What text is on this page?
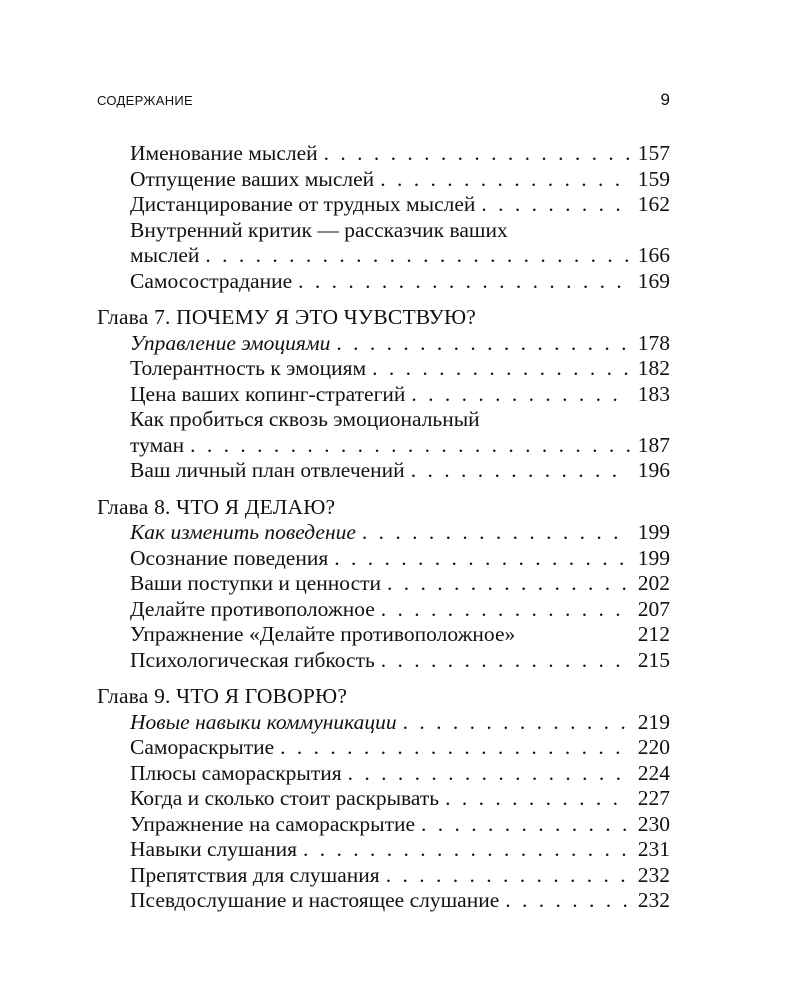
СОДЕРЖАНИЕ	9
Именование мыслей . . .	157
Отпущение ваших мыслей . . .	159
Дистанцирование от трудных мыслей . . .	162
Внутренний критик — рассказчик ваших
мыслей . . .	166
Самосострадание . . .	169
Глава 7. ПОЧЕМУ Я ЭТО ЧУВСТВУЮ?
Управление эмоциями . . .	178
Толерантность к эмоциям . . .	182
Цена ваших копинг-стратегий . . .	183
Как пробиться сквозь эмоциональный
туман . . .	187
Ваш личный план отвлечений . . .	196
Глава 8. ЧТО Я ДЕЛАЮ?
Как изменить поведение . . .	199
Осознание поведения . . .	199
Ваши поступки и ценности . . .	202
Делайте противоположное . . .	207
Упражнение «Делайте противоположное»	212
Психологическая гибкость . . .	215
Глава 9. ЧТО Я ГОВОРЮ?
Новые навыки коммуникации . . .	219
Самораскрытие . . .	220
Плюсы самораскрытия . . .	224
Когда и сколько стоит раскрывать . . .	227
Упражнение на самораскрытие . . .	230
Навыки слушания . . .	231
Препятствия для слушания . . .	232
Псевдослушание и настоящее слушание . . .	232
